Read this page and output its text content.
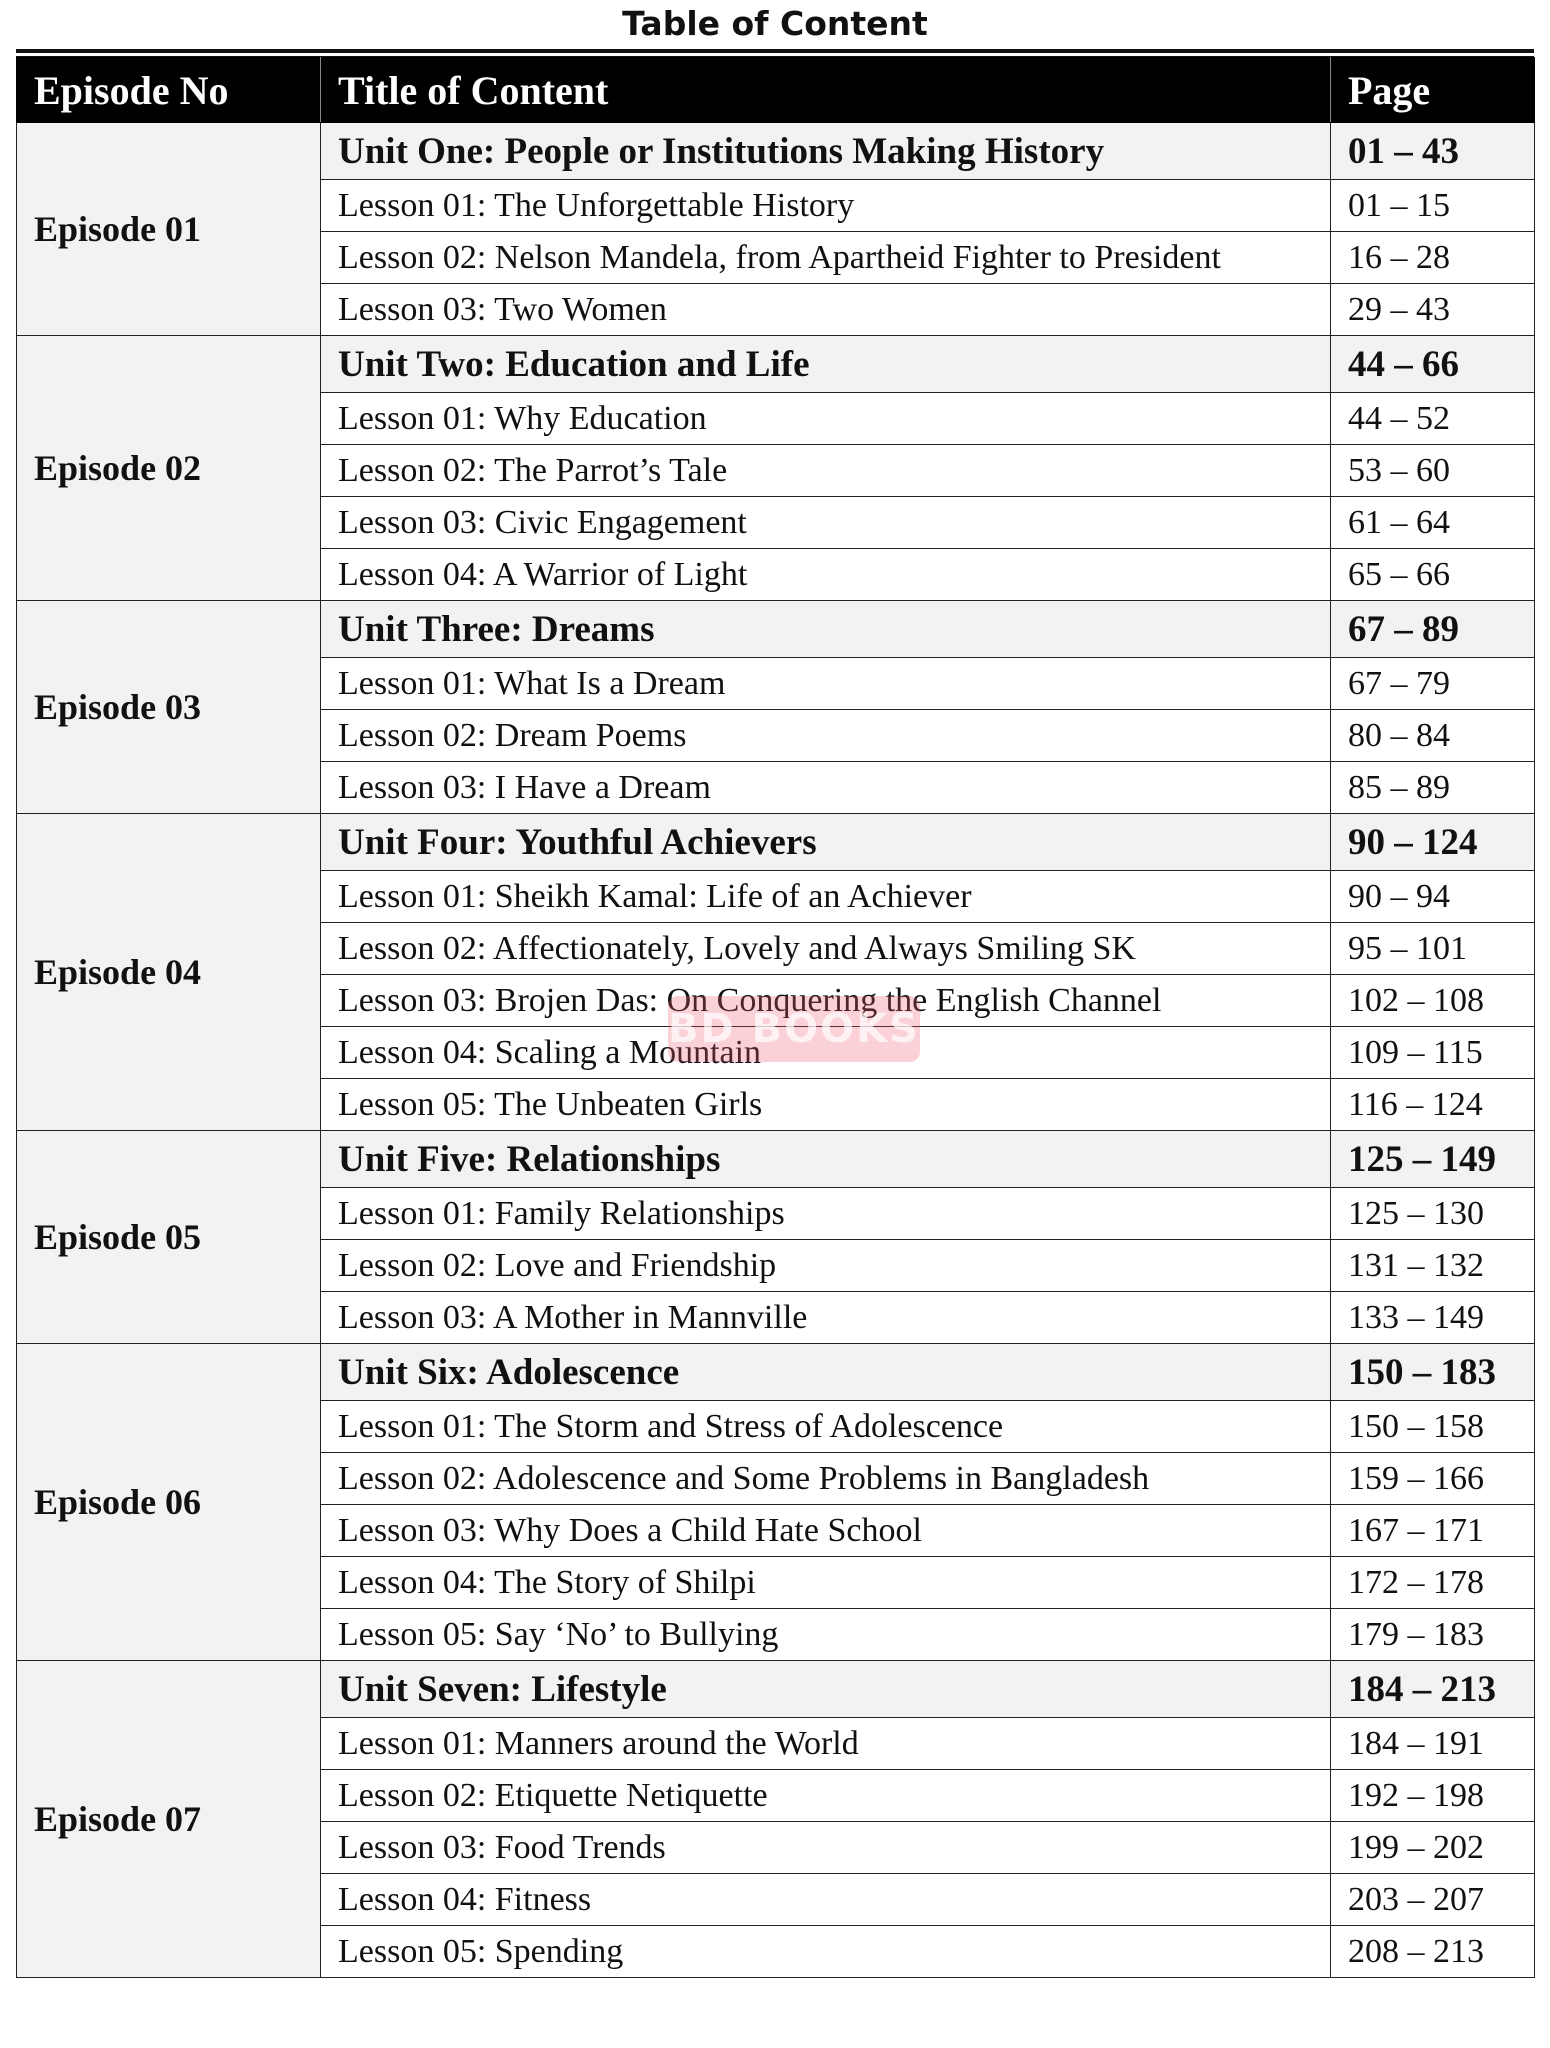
Table of Content
Episode No	Title of Content	Page
Episode 01	Unit One: People or Institutions Making History	01 – 43
	Lesson 01: The Unforgettable History	01 – 15
	Lesson 02: Nelson Mandela, from Apartheid Fighter to President	16 – 28
	Lesson 03: Two Women	29 – 43
Episode 02	Unit Two: Education and Life	44 – 66
	Lesson 01: Why Education	44 – 52
	Lesson 02: The Parrot’s Tale	53 – 60
	Lesson 03: Civic Engagement	61 – 64
	Lesson 04: A Warrior of Light	65 – 66
Episode 03	Unit Three: Dreams	67 – 89
	Lesson 01: What Is a Dream	67 – 79
	Lesson 02: Dream Poems	80 – 84
	Lesson 03: I Have a Dream	85 – 89
Episode 04	Unit Four: Youthful Achievers	90 – 124
	Lesson 01: Sheikh Kamal: Life of an Achiever	90 – 94
	Lesson 02: Affectionately, Lovely and Always Smiling SK	95 – 101
	Lesson 03: Brojen Das: On Conquering the English Channel	102 – 108
	Lesson 04: Scaling a Mountain	109 – 115
	Lesson 05: The Unbeaten Girls	116 – 124
Episode 05	Unit Five: Relationships	125 – 149
	Lesson 01: Family Relationships	125 – 130
	Lesson 02: Love and Friendship	131 – 132
	Lesson 03: A Mother in Mannville	133 – 149
Episode 06	Unit Six: Adolescence	150 – 183
	Lesson 01: The Storm and Stress of Adolescence	150 – 158
	Lesson 02: Adolescence and Some Problems in Bangladesh	159 – 166
	Lesson 03: Why Does a Child Hate School	167 – 171
	Lesson 04: The Story of Shilpi	172 – 178
	Lesson 05: Say ‘No’ to Bullying	179 – 183
Episode 07	Unit Seven: Lifestyle	184 – 213
	Lesson 01: Manners around the World	184 – 191
	Lesson 02: Etiquette Netiquette	192 – 198
	Lesson 03: Food Trends	199 – 202
	Lesson 04: Fitness	203 – 207
	Lesson 05: Spending	208 – 213
BD BOOKS
